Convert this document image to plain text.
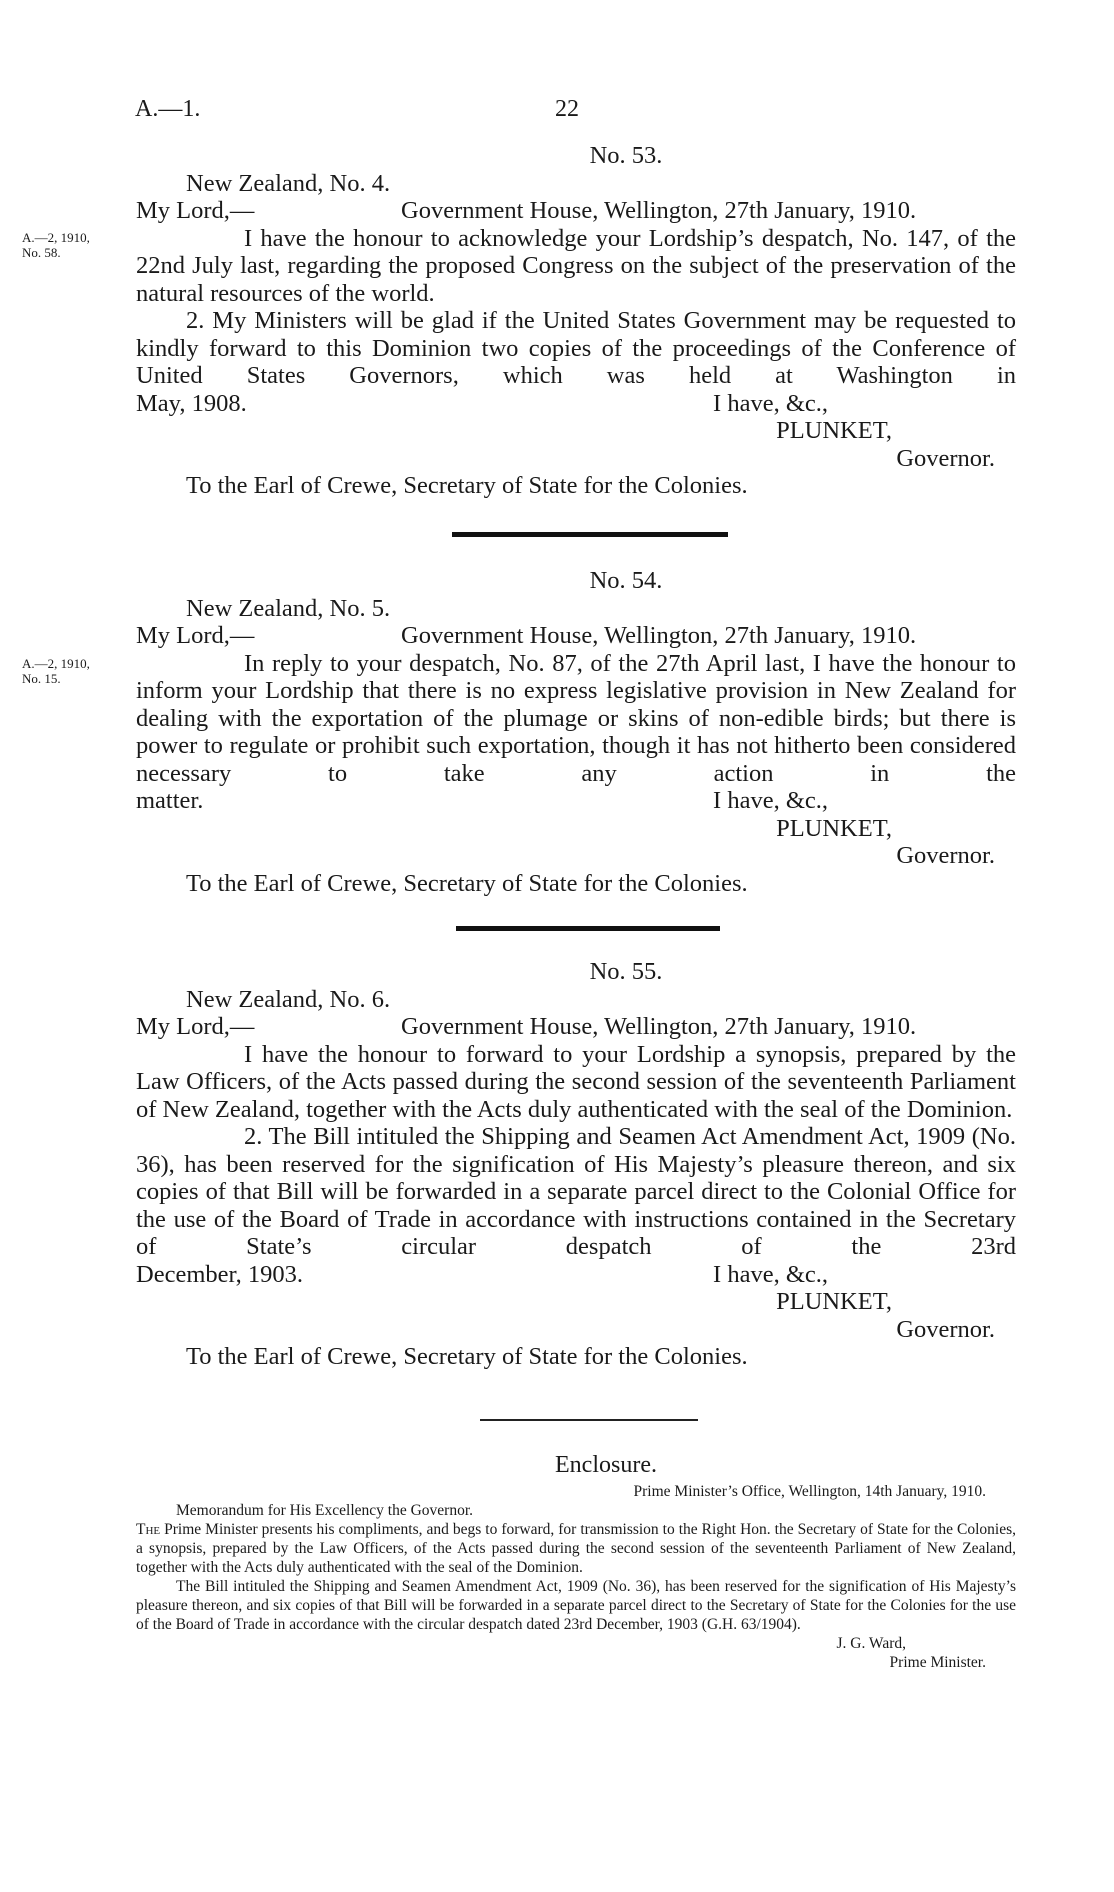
A.—1.	22
A.—2, 1910,
No. 58.

No. 53.

New Zealand, No. 4.

My Lord,—	Government House, Wellington, 27th January, 1910.

I have the honour to acknowledge your Lordship’s despatch, No. 147, of the 22nd July last, regarding the proposed Congress on the subject of the preservation of the natural resources of the world.

2. My Ministers will be glad if the United States Government may be requested to kindly forward to this Dominion two copies of the proceedings of the Conference of United States Governors, which was held at Washington in

May, 1908.	I have, &c.,

PLUNKET,

Governor.

To the Earl of Crewe, Secretary of State for the Colonies.

A.—2, 1910,
No. 15.

No. 54.

New Zealand, No. 5.

My Lord,—	Government House, Wellington, 27th January, 1910.

In reply to your despatch, No. 87, of the 27th April last, I have the honour to inform your Lordship that there is no express legislative provision in New Zealand for dealing with the exportation of the plumage or skins of non-edible birds; but there is power to regulate or prohibit such exportation, though it has not hitherto been considered necessary to take any action in the

matter.	I have, &c.,

PLUNKET,

Governor.

To the Earl of Crewe, Secretary of State for the Colonies.

No. 55.

New Zealand, No. 6.

My Lord,—	Government House, Wellington, 27th January, 1910.

I have the honour to forward to your Lordship a synopsis, prepared by the Law Officers, of the Acts passed during the second session of the seventeenth Parliament of New Zealand, together with the Acts duly authenticated with the seal of the Dominion.

2. The Bill intituled the Shipping and Seamen Act Amendment Act, 1909 (No. 36), has been reserved for the signification of His Majesty’s pleasure thereon, and six copies of that Bill will be forwarded in a separate parcel direct to the Colonial Office for the use of the Board of Trade in accordance with instructions contained in the Secretary of State’s circular despatch of the 23rd

December, 1903.	I have, &c.,

PLUNKET,

Governor.

To the Earl of Crewe, Secretary of State for the Colonies.

Enclosure.

Prime Minister’s Office, Wellington, 14th January, 1910.

Memorandum for His Excellency the Governor.

The Prime Minister presents his compliments, and begs to forward, for transmission to the Right Hon. the Secretary of State for the Colonies, a synopsis, prepared by the Law Officers, of the Acts passed during the second session of the seventeenth Parliament of New Zealand, together with the Acts duly authenticated with the seal of the Dominion.

The Bill intituled the Shipping and Seamen Amendment Act, 1909 (No. 36), has been reserved for the signification of His Majesty’s pleasure thereon, and six copies of that Bill will be forwarded in a separate parcel direct to the Secretary of State for the Colonies for the use of the Board of Trade in accordance with the circular despatch dated 23rd December, 1903 (G.H. 63/1904).

J. G. Ward,

Prime Minister.
